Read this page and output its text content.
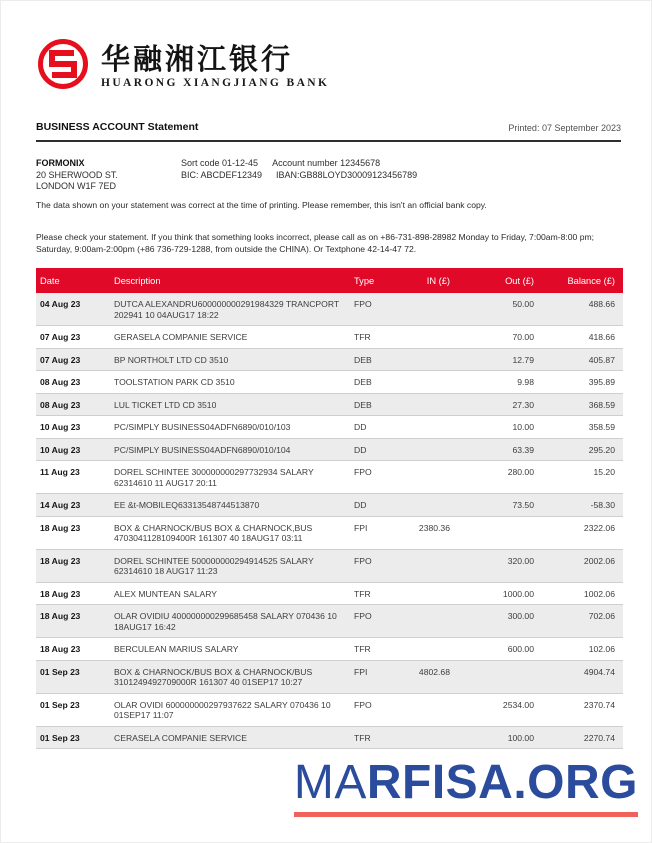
华融湘江银行
HUARONG XIANGJIANG BANK
BUSINESS ACCOUNT Statement	Printed: 07 September 2023
FORMONIX
20 SHERWOOD ST.
LONDON W1F 7ED
Sort code 01-12-45 Account number 12345678
BIC: ABCDEF12349 IBAN:GB88LOYD30009123456789
The data shown on your statement was correct at the time of printing. Please remember, this isn't an official bank copy.
Please check your statement. If you think that something looks incorrect, please call as on +86-731-898-28982 Monday to Friday, 7:00am-8:00 pm; Saturday, 9:00am-2:00pm (+86 736-729-1288, from outside the CHINA). Or Textphone 42-14-47 72.
Date	Description	Type	IN (£)	Out (£)	Balance (£)
04 Aug 23	DUTCA ALEXANDRU600000000291984329 TRANCPORT 202941 10 04AUG17 18:22	FPO		50.00	488.66
07 Aug 23	GERASELA COMPANIE SERVICE	TFR		70.00	418.66
07 Aug 23	BP NORTHOLT LTD CD 3510	DEB		12.79	405.87
08 Aug 23	TOOLSTATION PARK CD 3510	DEB		9.98	395.89
08 Aug 23	LUL TICKET LTD CD 3510	DEB		27.30	368.59
10 Aug 23	PC/SIMPLY BUSINESS04ADFN6890/010/103	DD		10.00	358.59
10 Aug 23	PC/SIMPLY BUSINESS04ADFN6890/010/104	DD		63.39	295.20
11 Aug 23	DOREL SCHINTEE 300000000297732934 SALARY 62314610 11 AUG17 20:11	FPO		280.00	15.20
14 Aug 23	EE &t-MOBILEQ63313548744513870	DD		73.50	-58.30
18 Aug 23	BOX & CHARNOCK/BUS BOX & CHARNOCK,BUS 4703041128109400R 161307 40 18AUG17 03:11	FPI	2380.36		2322.06
18 Aug 23	DOREL SCHINTEE 500000000294914525 SALARY 62314610 18 AUG17 11:23	FPO		320.00	2002.06
18 Aug 23	ALEX MUNTEAN SALARY	TFR		1000.00	1002.06
18 Aug 23	OLAR OVIDIU 400000000299685458 SALARY 070436 10 18AUG17 16:42	FPO		300.00	702.06
18 Aug 23	BERCULEAN MARIUS SALARY	TFR		600.00	102.06
01 Sep 23	BOX & CHARNOCK/BUS BOX & CHARNOCK/BUS 3101249492709000R 161307 40 01SEP17 10:27	FPI	4802.68		4904.74
01 Sep 23	OLAR OVIDI 600000000297937622 SALARY 070436 10 01SEP17 11:07	FPO		2534.00	2370.74
01 Sep 23	CERASELA COMPANIE SERVICE	TFR		100.00	2270.74
MARFISA.ORG
